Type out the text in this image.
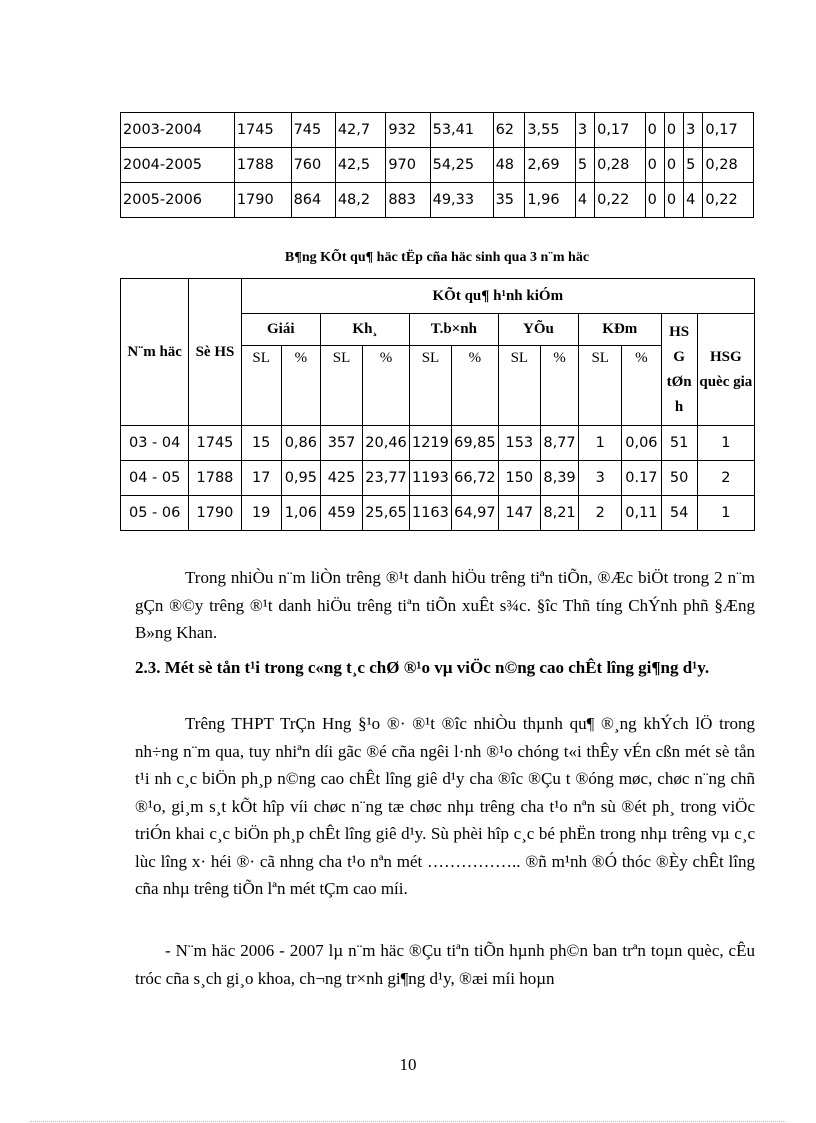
2003-2004	1745	745	42,7	932	53,41	62	3,55	3	0,17	0	0	3	0,17
2004-2005	1788	760	42,5	970	54,25	48	2,69	5	0,28	0	0	5	0,28
2005-2006	1790	864	48,2	883	49,33	35	1,96	4	0,22	0	0	4	0,22
B¶ng KÕt qu¶ häc tËp cña häc sinh qua 3 n¨m häc
N¨m häc	Sè HS	KÕt qu¶ h¹nh kiÓm											
		Giái		Kh¸		T.b×nh		YÕu		KÐm		HS G tØn h	HSG quèc gia
		SL	%	SL	%	SL	%	SL	%	SL	%		
03 - 04	1745	15	0,86	357	20,46	1219	69,85	153	8,77	1	0,06	51	1
04 - 05	1788	17	0,95	425	23,77	1193	66,72	150	8,39	3	0.17	50	2
05 - 06	1790	19	1,06	459	25,65	1163	64,97	147	8,21	2	0,11	54	1

Trong nhiÒu n¨m liÒn trêng ®¹t danh hiÖu trêng tiªn tiÕn, ®Æc biÖt trong 2 n¨m gÇn ®©y trêng ®¹t danh hiÖu trêng tiªn tiÕn xuÊt s¾c. §îc Thñ tíng ChÝnh phñ §Æng B»ng Khan.

2.3. Mét sè tån t¹i trong c«ng t¸c chØ ®¹o vµ viÖc n©ng cao chÊt lîng gi¶ng d¹y.

Trêng THPT TrÇn Hng §¹o ®· ®¹t ®îc nhiÒu thµnh qu¶ ®¸ng khÝch lÖ trong nh÷ng n¨m qua, tuy nhiªn díi gãc ®é cña ngêi l·nh ®¹o chóng t«i thÊy vÉn cßn mét sè tån t¹i nh c¸c biÖn ph¸p n©ng cao chÊt lîng giê d¹y cha ®îc ®Çu t ®óng møc, chøc n¨ng chñ ®¹o, gi¸m s¸t kÕt hîp víi chøc n¨ng tæ chøc nhµ trêng cha t¹o nªn sù ®ét ph¸ trong viÖc triÓn khai c¸c biÖn ph¸p chÊt lîng giê d¹y. Sù phèi hîp c¸c bé phËn trong nhµ trêng vµ c¸c lùc lîng x· héi ®· cã nhng cha t¹o nªn mét …………….. ®ñ m¹nh ®Ó thóc ®Èy chÊt lîng cña nhµ trêng tiÕn lªn mét tÇm cao míi.

- N¨m häc 2006 - 2007 lµ n¨m häc ®Çu tiªn tiÕn hµnh ph©n ban trªn toµn quèc, cÊu tróc cña s¸ch gi¸o khoa, ch¬ng tr×nh gi¶ng d¹y, ®æi míi hoµn

10
